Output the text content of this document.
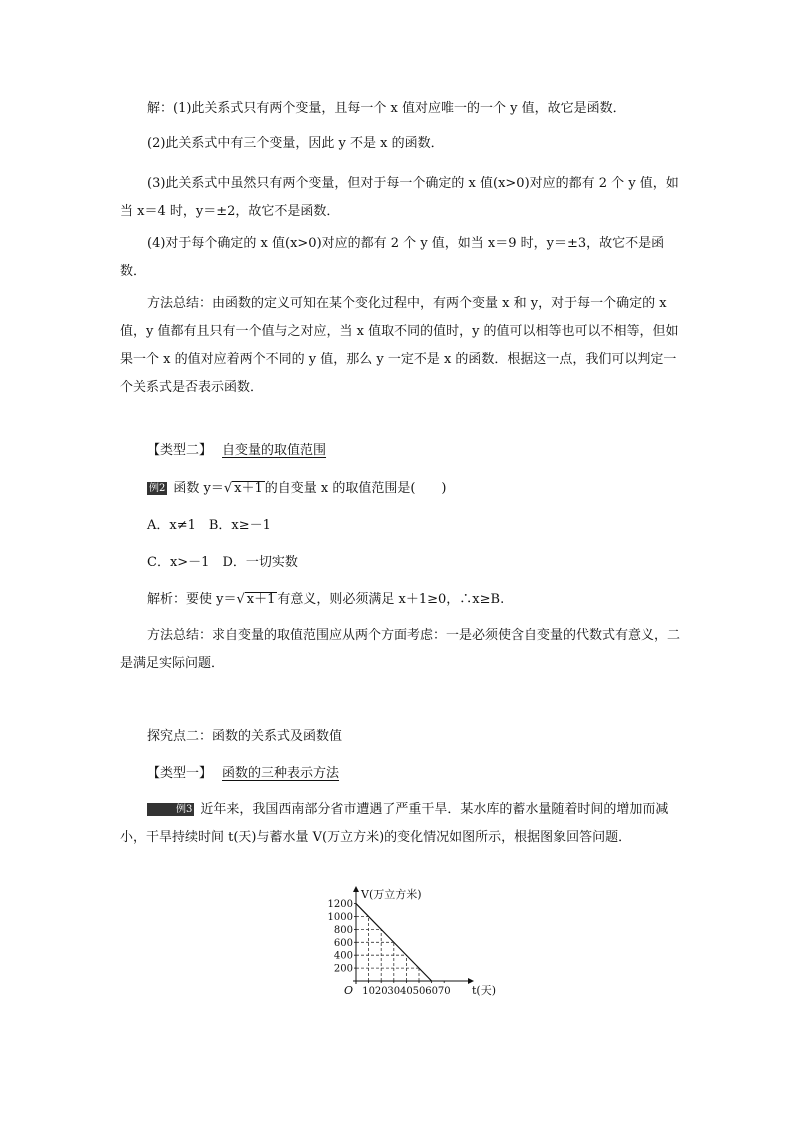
解：(1)此关系式只有两个变量，且每一个 x 值对应唯一的一个 y 值，故它是函数．

(2)此关系式中有三个变量，因此 y 不是 x 的函数．

(3)此关系式中虽然只有两个变量，但对于每一个确定的 x 值(x>0)对应的都有 2 个 y 值，如当 x＝4 时，y＝±2，故它不是函数．

(4)对于每个确定的 x 值(x>0)对应的都有 2 个 y 值，如当 x＝9 时，y＝±3，故它不是函数．

方法总结：由函数的定义可知在某个变化过程中，有两个变量 x 和 y，对于每一个确定的 x 值，y 值都有且只有一个值与之对应，当 x 值取不同的值时，y 的值可以相等也可以不相等，但如果一个 x 的值对应着两个不同的 y 值，那么 y 一定不是 x 的函数．根据这一点，我们可以判定一个关系式是否表示函数．

【类型二】 自变量的取值范围
例2 函数 y＝√ x＋1 的自变量 x 的取值范围是(　　)
A．x≠1　B．x≥－1
C．x>－1　D．一切实数
解析：要使 y＝√ x＋1 有意义，则必须满足 x＋1≥0，∴x≥B.

方法总结：求自变量的取值范围应从两个方面考虑：一是必须使含自变量的代数式有意义，二是满足实际问题．

探究点二：函数的关系式及函数值
【类型一】 函数的三种表示方法

例3 近年来，我国西南部分省市遭遇了严重干旱．某水库的蓄水量随着时间的增加而减小，干旱持续时间 t(天)与蓄水量 V(万立方米)的变化情况如图所示，根据图象回答问题．

200
400
600
800
1000
1200
10 20 30 40 50 60 70
O
V(万立方米)
t(天)
